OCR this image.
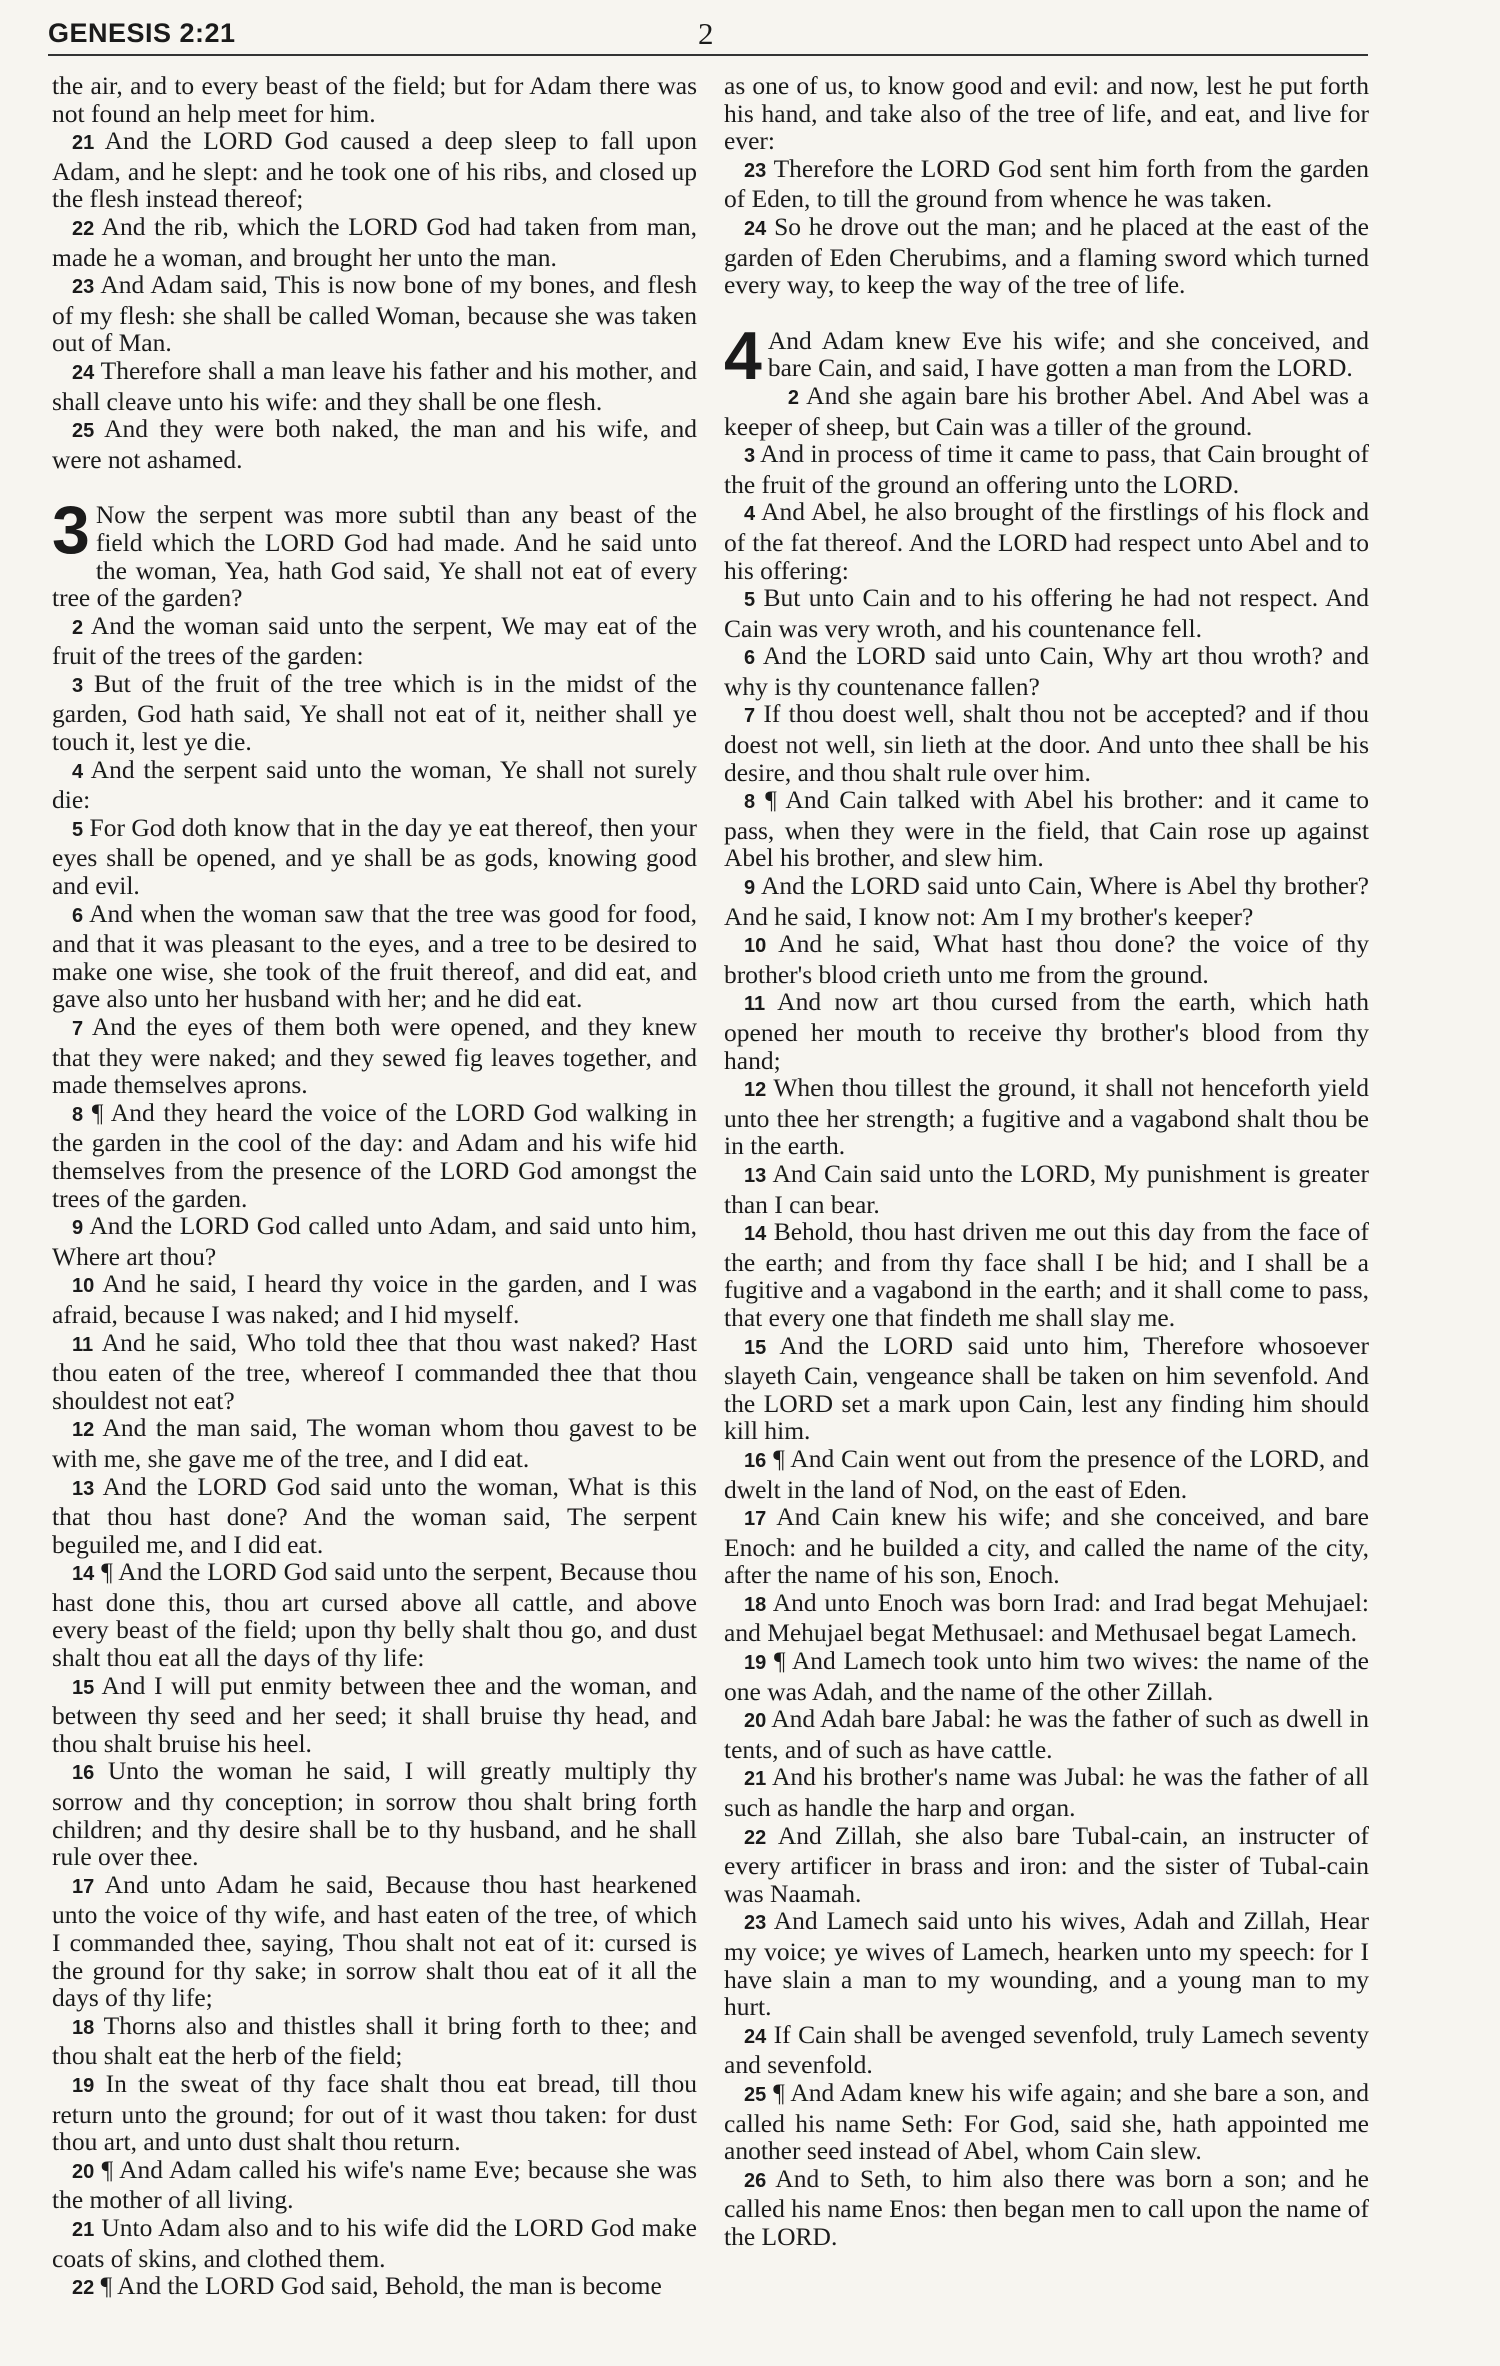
GENESIS 2:21	2

the air, and to every beast of the field; but for Adam there was not found an help meet for him.

21 And the LORD God caused a deep sleep to fall upon Adam, and he slept: and he took one of his ribs, and closed up the flesh instead thereof;

22 And the rib, which the LORD God had taken from man, made he a woman, and brought her unto the man.

23 And Adam said, This is now bone of my bones, and flesh of my flesh: she shall be called Woman, because she was taken out of Man.

24 Therefore shall a man leave his father and his mother, and shall cleave unto his wife: and they shall be one flesh.

25 And they were both naked, the man and his wife, and were not ashamed.

3 Now the serpent was more subtil than any beast of the field which the LORD God had made. And he said unto the woman, Yea, hath God said, Ye shall not eat of every tree of the garden?

2 And the woman said unto the serpent, We may eat of the fruit of the trees of the garden:

3 But of the fruit of the tree which is in the midst of the garden, God hath said, Ye shall not eat of it, neither shall ye touch it, lest ye die.

4 And the serpent said unto the woman, Ye shall not surely die:

5 For God doth know that in the day ye eat thereof, then your eyes shall be opened, and ye shall be as gods, knowing good and evil.

6 And when the woman saw that the tree was good for food, and that it was pleasant to the eyes, and a tree to be desired to make one wise, she took of the fruit thereof, and did eat, and gave also unto her husband with her; and he did eat.

7 And the eyes of them both were opened, and they knew that they were naked; and they sewed fig leaves together, and made themselves aprons.

8 ¶ And they heard the voice of the LORD God walking in the garden in the cool of the day: and Adam and his wife hid themselves from the presence of the LORD God amongst the trees of the garden.

9 And the LORD God called unto Adam, and said unto him, Where art thou?

10 And he said, I heard thy voice in the garden, and I was afraid, because I was naked; and I hid myself.

11 And he said, Who told thee that thou wast naked? Hast thou eaten of the tree, whereof I commanded thee that thou shouldest not eat?

12 And the man said, The woman whom thou gavest to be with me, she gave me of the tree, and I did eat.

13 And the LORD God said unto the woman, What is this that thou hast done? And the woman said, The serpent beguiled me, and I did eat.

14 ¶ And the LORD God said unto the serpent, Because thou hast done this, thou art cursed above all cattle, and above every beast of the field; upon thy belly shalt thou go, and dust shalt thou eat all the days of thy life:

15 And I will put enmity between thee and the woman, and between thy seed and her seed; it shall bruise thy head, and thou shalt bruise his heel.

16 Unto the woman he said, I will greatly multiply thy sorrow and thy conception; in sorrow thou shalt bring forth children; and thy desire shall be to thy husband, and he shall rule over thee.

17 And unto Adam he said, Because thou hast hearkened unto the voice of thy wife, and hast eaten of the tree, of which I commanded thee, saying, Thou shalt not eat of it: cursed is the ground for thy sake; in sorrow shalt thou eat of it all the days of thy life;

18 Thorns also and thistles shall it bring forth to thee; and thou shalt eat the herb of the field;

19 In the sweat of thy face shalt thou eat bread, till thou return unto the ground; for out of it wast thou taken: for dust thou art, and unto dust shalt thou return.

20 ¶ And Adam called his wife's name Eve; because she was the mother of all living.

21 Unto Adam also and to his wife did the LORD God make coats of skins, and clothed them.

22 ¶ And the LORD God said, Behold, the man is become

as one of us, to know good and evil: and now, lest he put forth his hand, and take also of the tree of life, and eat, and live for ever:

23 Therefore the LORD God sent him forth from the garden of Eden, to till the ground from whence he was taken.

24 So he drove out the man; and he placed at the east of the garden of Eden Cherubims, and a flaming sword which turned every way, to keep the way of the tree of life.

4 And Adam knew Eve his wife; and she conceived, and bare Cain, and said, I have gotten a man from the LORD.

2 And she again bare his brother Abel. And Abel was a keeper of sheep, but Cain was a tiller of the ground.

3 And in process of time it came to pass, that Cain brought of the fruit of the ground an offering unto the LORD.

4 And Abel, he also brought of the firstlings of his flock and of the fat thereof. And the LORD had respect unto Abel and to his offering:

5 But unto Cain and to his offering he had not respect. And Cain was very wroth, and his countenance fell.

6 And the LORD said unto Cain, Why art thou wroth? and why is thy countenance fallen?

7 If thou doest well, shalt thou not be accepted? and if thou doest not well, sin lieth at the door. And unto thee shall be his desire, and thou shalt rule over him.

8 ¶ And Cain talked with Abel his brother: and it came to pass, when they were in the field, that Cain rose up against Abel his brother, and slew him.

9 And the LORD said unto Cain, Where is Abel thy brother? And he said, I know not: Am I my brother's keeper?

10 And he said, What hast thou done? the voice of thy brother's blood crieth unto me from the ground.

11 And now art thou cursed from the earth, which hath opened her mouth to receive thy brother's blood from thy hand;

12 When thou tillest the ground, it shall not henceforth yield unto thee her strength; a fugitive and a vagabond shalt thou be in the earth.

13 And Cain said unto the LORD, My punishment is greater than I can bear.

14 Behold, thou hast driven me out this day from the face of the earth; and from thy face shall I be hid; and I shall be a fugitive and a vagabond in the earth; and it shall come to pass, that every one that findeth me shall slay me.

15 And the LORD said unto him, Therefore whosoever slayeth Cain, vengeance shall be taken on him sevenfold. And the LORD set a mark upon Cain, lest any finding him should kill him.

16 ¶ And Cain went out from the presence of the LORD, and dwelt in the land of Nod, on the east of Eden.

17 And Cain knew his wife; and she conceived, and bare Enoch: and he builded a city, and called the name of the city, after the name of his son, Enoch.

18 And unto Enoch was born Irad: and Irad begat Mehujael: and Mehujael begat Methusael: and Methusael begat Lamech.

19 ¶ And Lamech took unto him two wives: the name of the one was Adah, and the name of the other Zillah.

20 And Adah bare Jabal: he was the father of such as dwell in tents, and of such as have cattle.

21 And his brother's name was Jubal: he was the father of all such as handle the harp and organ.

22 And Zillah, she also bare Tubal-cain, an instructer of every artificer in brass and iron: and the sister of Tubal-cain was Naamah.

23 And Lamech said unto his wives, Adah and Zillah, Hear my voice; ye wives of Lamech, hearken unto my speech: for I have slain a man to my wounding, and a young man to my hurt.

24 If Cain shall be avenged sevenfold, truly Lamech seventy and sevenfold.

25 ¶ And Adam knew his wife again; and she bare a son, and called his name Seth: For God, said she, hath appointed me another seed instead of Abel, whom Cain slew.

26 And to Seth, to him also there was born a son; and he called his name Enos: then began men to call upon the name of the LORD.
